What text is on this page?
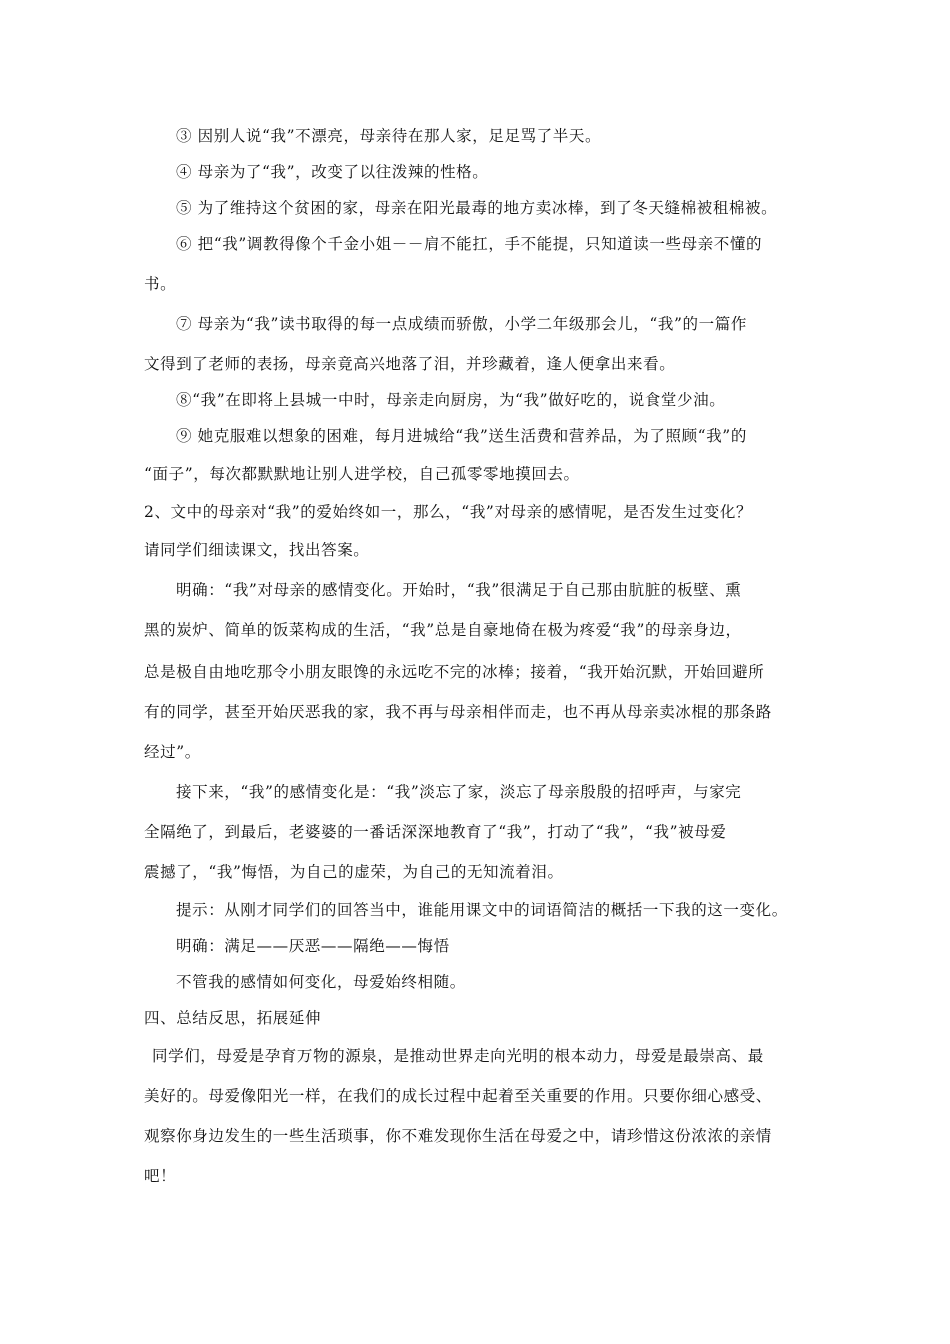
③ 因别人说“我”不漂亮，母亲待在那人家，足足骂了半天。
④ 母亲为了“我”，改变了以往泼辣的性格。
⑤ 为了维持这个贫困的家，母亲在阳光最毒的地方卖冰棒，到了冬天缝棉被租棉被。
⑥ 把“我”调教得像个千金小姐－－肩不能扛，手不能提，只知道读一些母亲不懂的
书。
⑦ 母亲为“我”读书取得的每一点成绩而骄傲，小学二年级那会儿，“我”的一篇作
文得到了老师的表扬，母亲竟高兴地落了泪，并珍藏着，逢人便拿出来看。
⑧“我”在即将上县城一中时，母亲走向厨房，为“我”做好吃的，说食堂少油。
⑨ 她克服难以想象的困难，每月进城给“我”送生活费和营养品，为了照顾“我”的
“面子”，每次都默默地让别人进学校，自己孤零零地摸回去。
2、文中的母亲对“我”的爱始终如一，那么，“我”对母亲的感情呢，是否发生过变化？
请同学们细读课文，找出答案。
明确：“我”对母亲的感情变化。开始时，“我”很满足于自己那由肮脏的板壁、熏
黑的炭炉、简单的饭菜构成的生活，“我”总是自豪地倚在极为疼爱“我”的母亲身边，
总是极自由地吃那令小朋友眼馋的永远吃不完的冰棒；接着，“我开始沉默，开始回避所
有的同学，甚至开始厌恶我的家，我不再与母亲相伴而走，也不再从母亲卖冰棍的那条路
经过”。
接下来，“我”的感情变化是：“我”淡忘了家，淡忘了母亲殷殷的招呼声，与家完
全隔绝了，到最后，老婆婆的一番话深深地教育了“我”，打动了“我”，“我”被母爱
震撼了，“我”悔悟，为自己的虚荣，为自己的无知流着泪。
提示：从刚才同学们的回答当中，谁能用课文中的词语简洁的概括一下我的这一变化。
明确：满足——厌恶——隔绝——悔悟
不管我的感情如何变化，母爱始终相随。
四、总结反思，拓展延伸
同学们，母爱是孕育万物的源泉，是推动世界走向光明的根本动力，母爱是最崇高、最
美好的。母爱像阳光一样，在我们的成长过程中起着至关重要的作用。只要你细心感受、
观察你身边发生的一些生活琐事，你不难发现你生活在母爱之中，请珍惜这份浓浓的亲情
吧！
